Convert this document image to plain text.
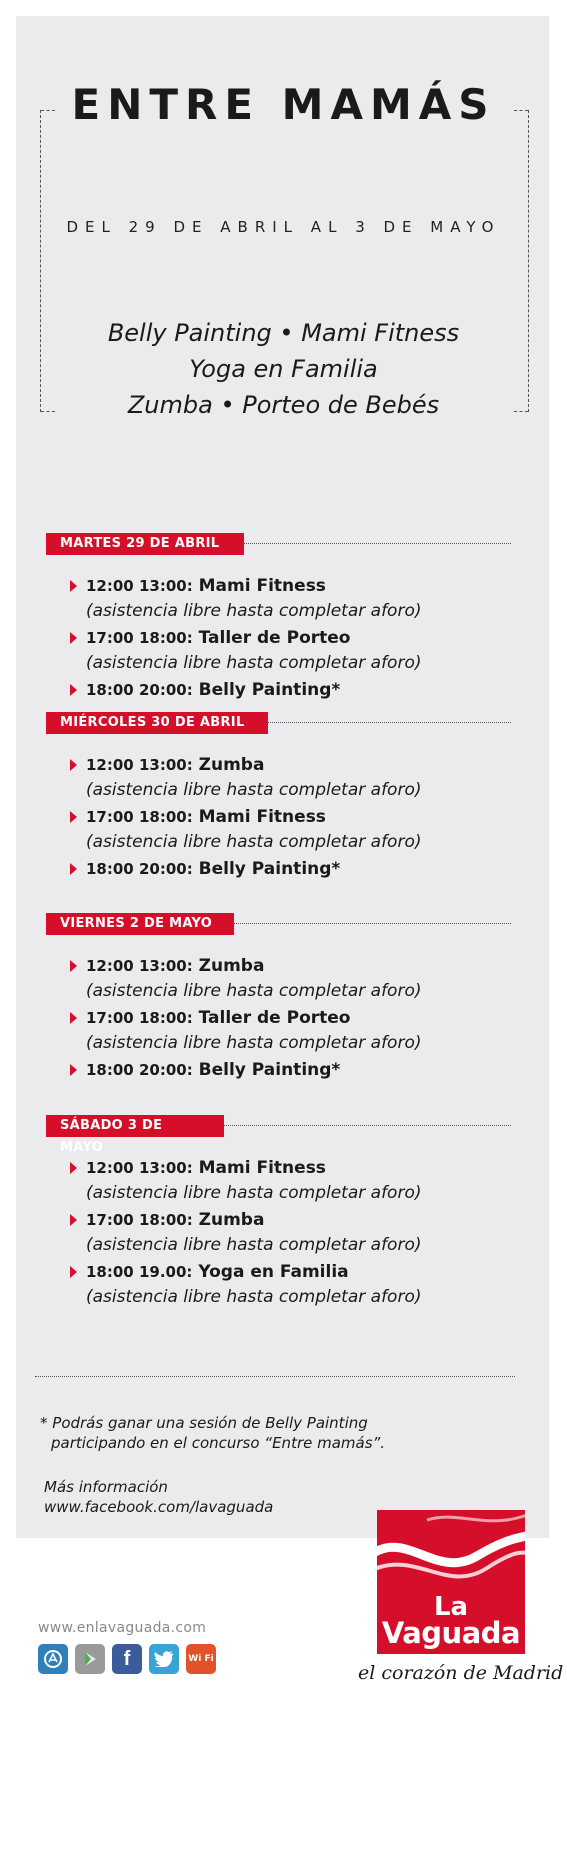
ENTRE MAMÁS
DEL 29 DE ABRIL AL 3 DE MAYO
Belly Painting • Mami Fitness
Yoga en Familia
Zumba • Porteo de Bebés
MARTES 29 DE ABRIL
12:00 13:00: Mami Fitness
(asistencia libre hasta completar aforo)
17:00 18:00: Taller de Porteo
(asistencia libre hasta completar aforo)
18:00 20:00: Belly Painting*
MIÉRCOLES 30 DE ABRIL
12:00 13:00: Zumba
(asistencia libre hasta completar aforo)
17:00 18:00: Mami Fitness
(asistencia libre hasta completar aforo)
18:00 20:00: Belly Painting*
VIERNES 2 DE MAYO
12:00 13:00: Zumba
(asistencia libre hasta completar aforo)
17:00 18:00: Taller de Porteo
(asistencia libre hasta completar aforo)
18:00 20:00: Belly Painting*
SÁBADO 3 DE MAYO
12:00 13:00: Mami Fitness
(asistencia libre hasta completar aforo)
17:00 18:00: Zumba
(asistencia libre hasta completar aforo)
18:00 19.00: Yoga en Familia
(asistencia libre hasta completar aforo)
* Podrás ganar una sesión de Belly Painting
participando en el concurso “Entre mamás”.
Más información
www.facebook.com/lavaguada
La
Vaguada
el corazón de Madrid
www.enlavaguada.com
f	Wi Fi
